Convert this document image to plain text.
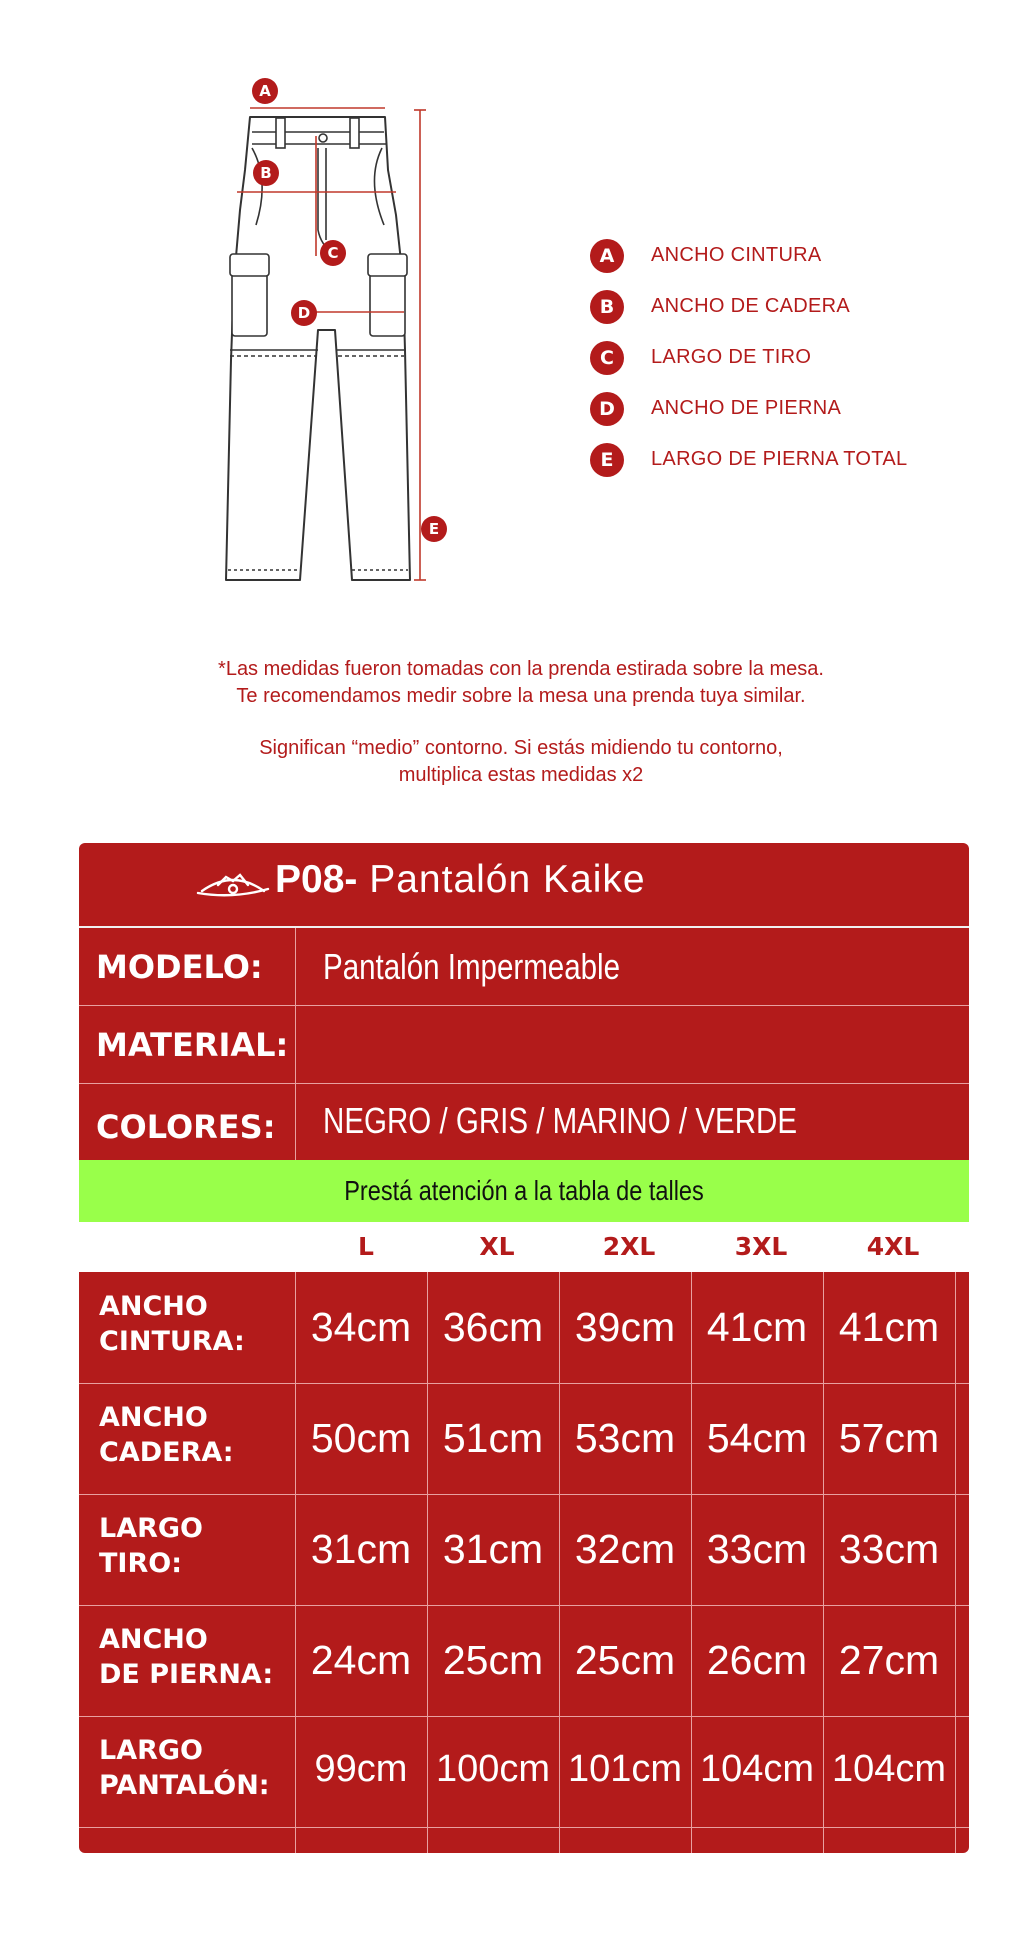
A
B
C
D
E
A	ANCHO CINTURA
B	ANCHO DE CADERA
C	LARGO DE TIRO
D	ANCHO DE PIERNA
E	LARGO DE PIERNA TOTAL

*Las medidas fueron tomadas con la prenda estirada sobre la mesa.

Te recomendamos medir sobre la mesa una prenda tuya similar.

Significan “medio” contorno. Si estás midiendo tu contorno,

multiplica estas medidas x2

P08- Pantalón Kaike
MODELO: Pantalón Impermeable
MATERIAL:
COLORES: NEGRO / GRIS / MARINO / VERDE
Prestá atención a la tabla de talles
L	XL	2XL	3XL	4XL
ANCHO
CINTURA:	34cm 36cm 39cm 41cm 41cm
ANCHO
CADERA:	50cm 51cm 53cm 54cm 57cm
LARGO
TIRO:	31cm 31cm 32cm 33cm 33cm
ANCHO
DE PIERNA: 24cm 25cm 25cm 26cm 27cm
LARGO
PANTALÓN:	99cm 100cm 101cm 104cm 104cm
